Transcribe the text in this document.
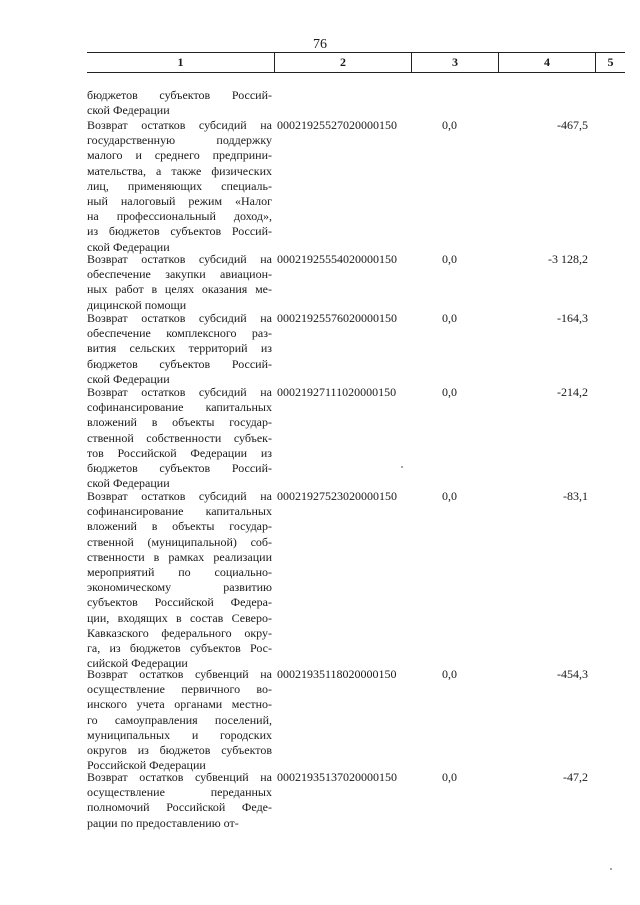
76
1	2	3	4	5
бюджетов субъектов Россий-
ской Федерации
Возврат остатков субсидий на
государственную поддержку
малого и среднего предприни-
мательства, а также физических
лиц, применяющих специаль-
ный налоговый режим «Налог
на профессиональный доход»,
из бюджетов субъектов Россий-
ской Федерации
00021925527020000150	0,0	-467,5
Возврат остатков субсидий на
обеспечение закупки авиацион-
ных работ в целях оказания ме-
дицинской помощи
00021925554020000150	0,0	-3 128,2
Возврат остатков субсидий на
обеспечение комплексного раз-
вития сельских территорий из
бюджетов субъектов Россий-
ской Федерации
00021925576020000150	0,0	-164,3
Возврат остатков субсидий на
софинансирование капитальных
вложений в объекты государ-
ственной собственности субъек-
тов Российской Федерации из
бюджетов субъектов Россий-
ской Федерации
00021927111020000150	0,0	-214,2
Возврат остатков субсидий на
софинансирование капитальных
вложений в объекты государ-
ственной (муниципальной) соб-
ственности в рамках реализации
мероприятий по социально-
экономическому развитию
субъектов Российской Федера-
ции, входящих в состав Северо-
Кавказского федерального окру-
га, из бюджетов субъектов Рос-
сийской Федерации
00021927523020000150	0,0	-83,1
Возврат остатков субвенций на
осуществление первичного во-
инского учета органами местно-
го самоуправления поселений,
муниципальных и городских
округов из бюджетов субъектов
Российской Федерации
00021935118020000150	0,0	-454,3
Возврат остатков субвенций на
осуществление переданных
полномочий Российской Феде-
рации по предоставлению от-
00021935137020000150	0,0	-47,2
